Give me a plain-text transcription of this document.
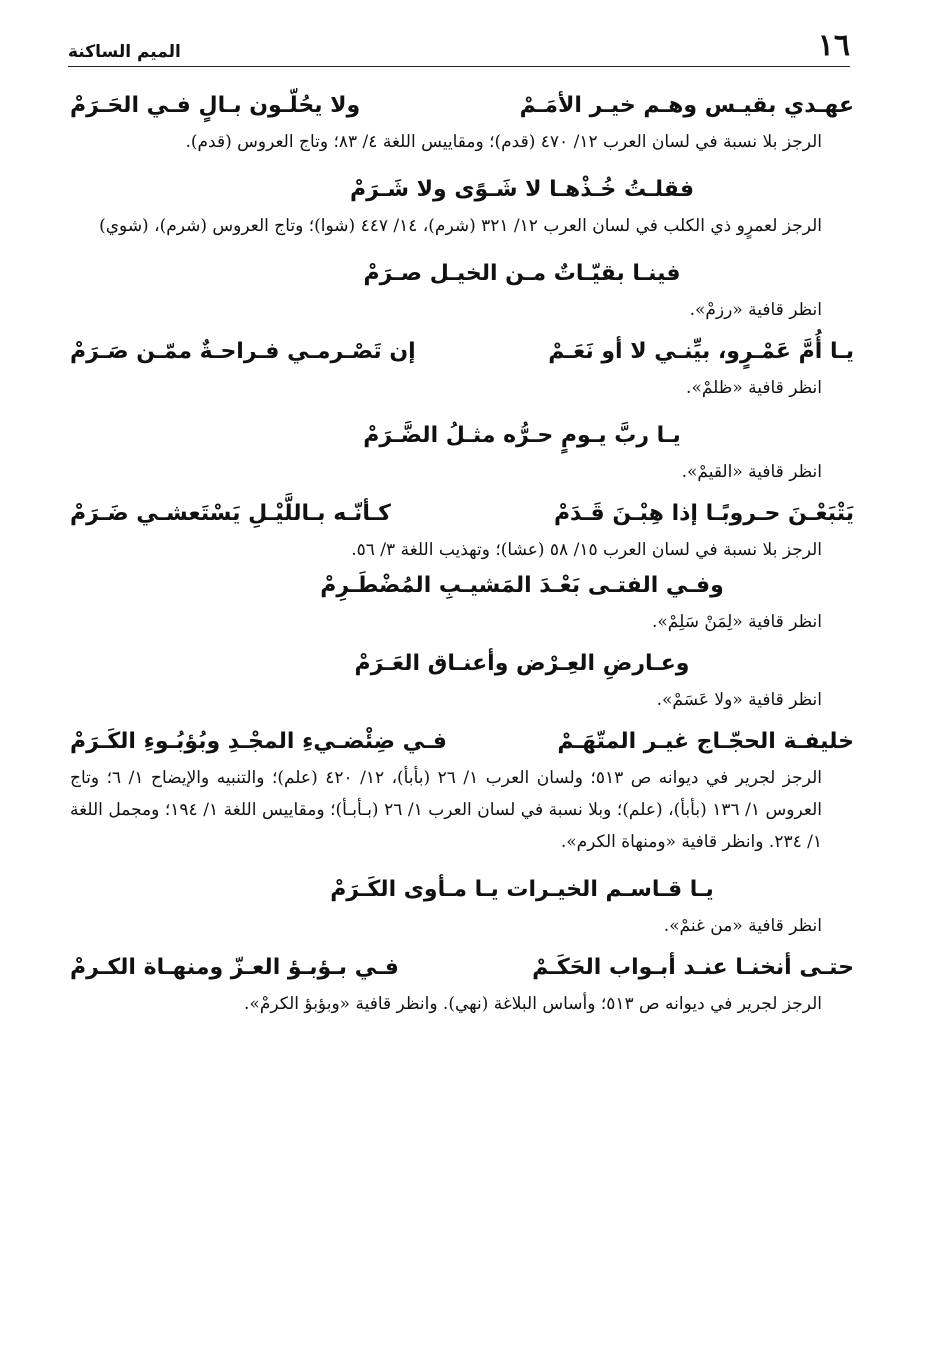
١٦
الميم الساكنة
عهـدي بقيـس وهـم خيـر الأمَـمْ
ولا يحُلّـون بـالٍ فـي الحَـرَمْ
الرجز بلا نسبة في لسان العرب ١٢/ ٤٧٠ (قدم)؛ ومقاييس اللغة ٤/ ٨٣؛ وتاج العروس (قدم).
فقلـتُ خُـذْهـا لا شَـوًى ولا شَـرَمْ
الرجز لعمرٍو ذي الكلب في لسان العرب ١٢/ ٣٢١ (شرم)، ١٤/ ٤٤٧ (شوا)؛ وتاج العروس (شرم)، (شوي)
فينـا بقيّـاتٌ مـن الخيـل صـرَمْ
انظر قافية «رزمْ».
يـا أُمَّ عَمْـرٍو، بيِّنـي لا أو نَعَـمْ
إن تَصْـرمـي فـراحـةٌ ممّـن صَـرَمْ
انظر قافية «ظلمْ».
يـا ربَّ يـومٍ حـرُّه مثـلُ الضَّـرَمْ
انظر قافية «القيمْ».
يَتْبَعْـنَ حـروبًـا إذا هِبْـنَ قَـدَمْ
كـأنّـه بـاللَّيْـلِ يَسْتَعشـي ضَـرَمْ
الرجز بلا نسبة في لسان العرب ١٥/ ٥٨ (عشا)؛ وتهذيب اللغة ٣/ ٥٦.
وفـي الفتـى بَعْـدَ المَشيـبِ المُضْطَـرِمْ
انظر قافية «لِمَنْ سَلِمْ».
وعـارضِ العِـرْض وأعنـاق العَـرَمْ
انظر قافية «ولا عَسَمْ».
خليفـة الحجّـاج غيـر المتّهَـمْ
فـي ضِئْضـيءِ المجْـدِ وبُؤبُـوءِ الكَـرَمْ
الرجز لجرير في ديوانه ص ٥١٣؛ ولسان العرب ١/ ٢٦ (بأبأ)، ١٢/ ٤٢٠ (علم)؛ والتنبيه والإيضاح ١/ ٦؛ وتاج العروس ١/ ١٣٦ (بأبأ)، (علم)؛ وبلا نسبة في لسان العرب ١/ ٢٦ (بـأبـأ)؛ ومقاييس اللغة ١/ ١٩٤؛ ومجمل اللغة ١/ ٢٣٤. وانظر قافية «ومنهاة الكرم».
يـا قـاسـم الخيـرات يـا مـأوى الكَـرَمْ
انظر قافية «من غنمْ».
حتـى أنخنـا عنـد أبـواب الحَكَـمْ
فـي بـؤبـؤ العـزّ ومنهـاة الكـرمْ
الرجز لجرير في ديوانه ص ٥١٣؛ وأساس البلاغة (نهي). وانظر قافية «وبؤبؤ الكرمْ».
